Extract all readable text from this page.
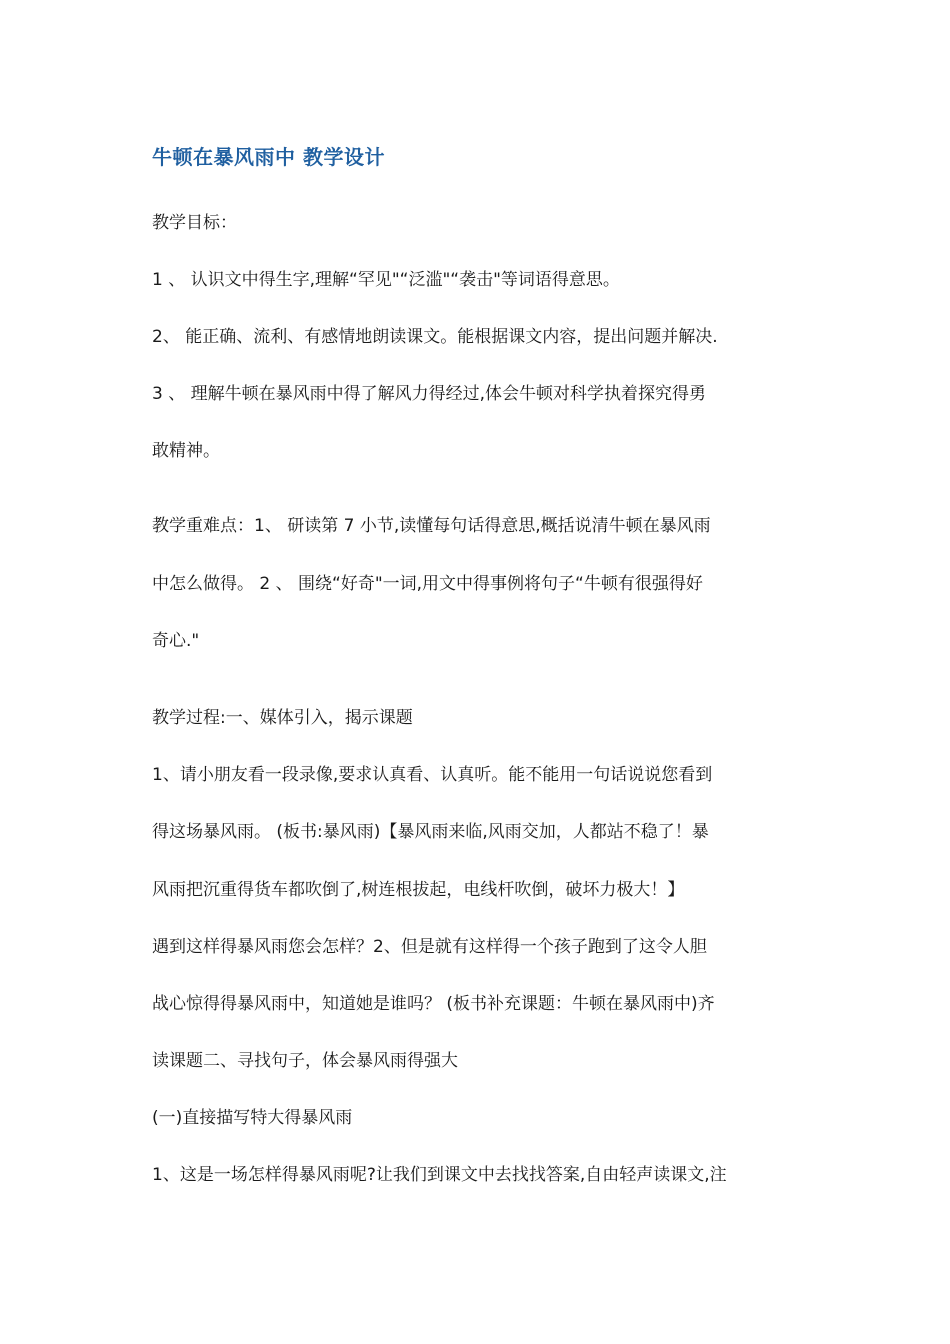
牛顿在暴风雨中 教学设计
教学目标：
1 、 认识文中得生字,理解“罕见"“泛滥"“袭击"等词语得意思。
2、 能正确、流利、有感情地朗读课文。能根据课文内容，提出问题并解决.
3 、 理解牛顿在暴风雨中得了解风力得经过,体会牛顿对科学执着探究得勇
敢精神。
教学重难点：1﻿、 研读第 7 小节,读懂每句话得意思,概括说清牛顿在暴风雨
中怎么做得。 2 ﻿、 围绕“好奇"一词,用文中得事例将句子“牛顿有很强得好
奇心."
教学过程:﻿一、媒体引入，揭示课题
1、请小朋友看一段录像,要求认真看、认真听。能不能用一句话说说您看到
得这场暴风雨。 (板书:暴风雨)【暴风雨来临,风雨交加，人都站不稳了！暴
风雨把沉重得货车都吹倒了,树连根拔起，电线杆吹倒，破坏力极大！】
遇到这样得暴风雨您会怎样？2﻿、但是就有这样得一个孩子跑到了这令人胆
战心惊得得暴风雨中，知道她是谁吗？ (板书补充课题：牛顿在暴风雨中)齐
读课题﻿二、寻找句子，体会暴风雨得强大
(一)直接描写特大得暴风雨
1、这是一场怎样得暴风雨呢?让我们到课文中去找找答案,自由轻声读课文,注
